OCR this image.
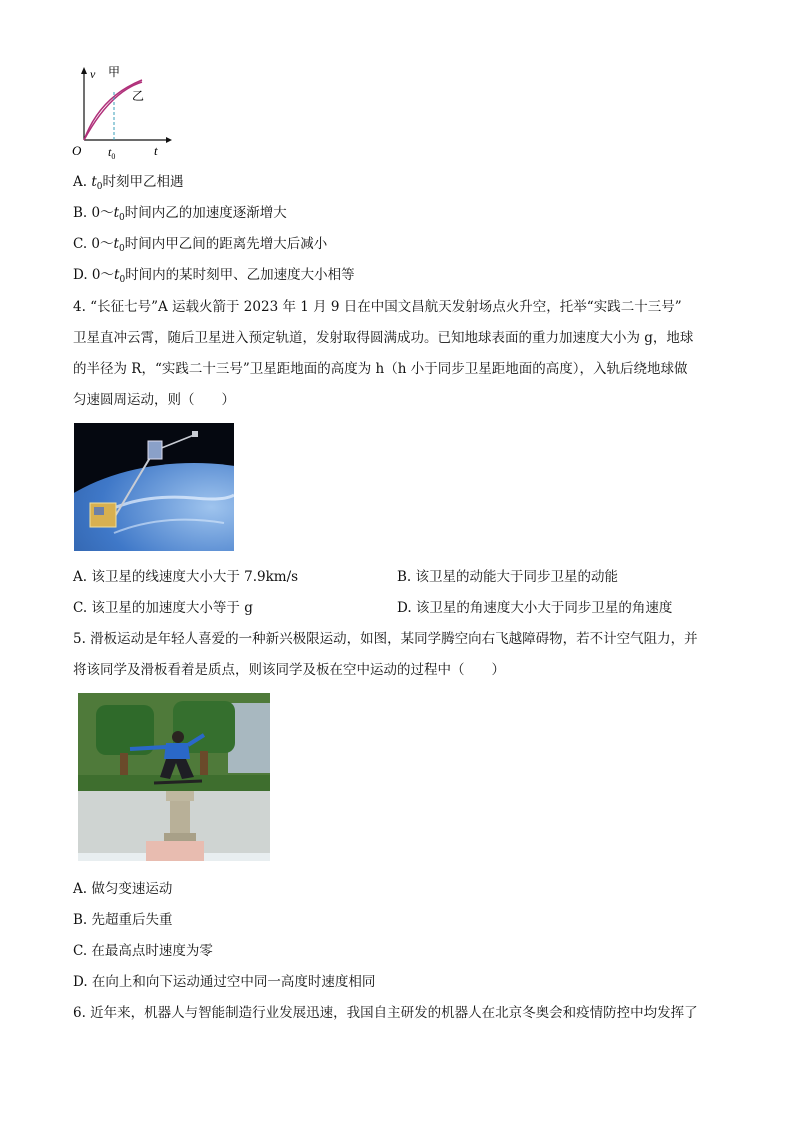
v 甲
乙
O $t_0$	t
A. $t_0$时刻甲乙相遇
B. $0\sim t_0$时间内乙的加速度逐渐增大
C. $0\sim t_0$时间内甲乙间的距离先增大后减小
D. $0\sim t_0$时间内的某时刻甲、乙加速度大小相等
4. “长征七号”A 运载火箭于 2023 年 1 月 9 日在中国文昌航天发射场点火升空，托举“实践二十三号”
卫星直冲云霄，随后卫星进入预定轨道，发射取得圆满成功。已知地球表面的重力加速度大小为 g，地球
的半径为 R，“实践二十三号”卫星距地面的高度为 h（h 小于同步卫星距地面的高度），入轨后绕地球做
匀速圆周运动，则（　　）
A. 该卫星的线速度大小大于 7.9km/s	B. 该卫星的动能大于同步卫星的动能
C. 该卫星的加速度大小等于 g	D. 该卫星的角速度大小大于同步卫星的角速度
5. 滑板运动是年轻人喜爱的一种新兴极限运动，如图，某同学腾空向右飞越障碍物，若不计空气阻力，并
将该同学及滑板看着是质点，则该同学及板在空中运动的过程中（　　）
A. 做匀变速运动
B. 先超重后失重
C. 在最高点时速度为零
D. 在向上和向下运动通过空中同一高度时速度相同
6. 近年来，机器人与智能制造行业发展迅速，我国自主研发的机器人在北京冬奥会和疫情防控中均发挥了
